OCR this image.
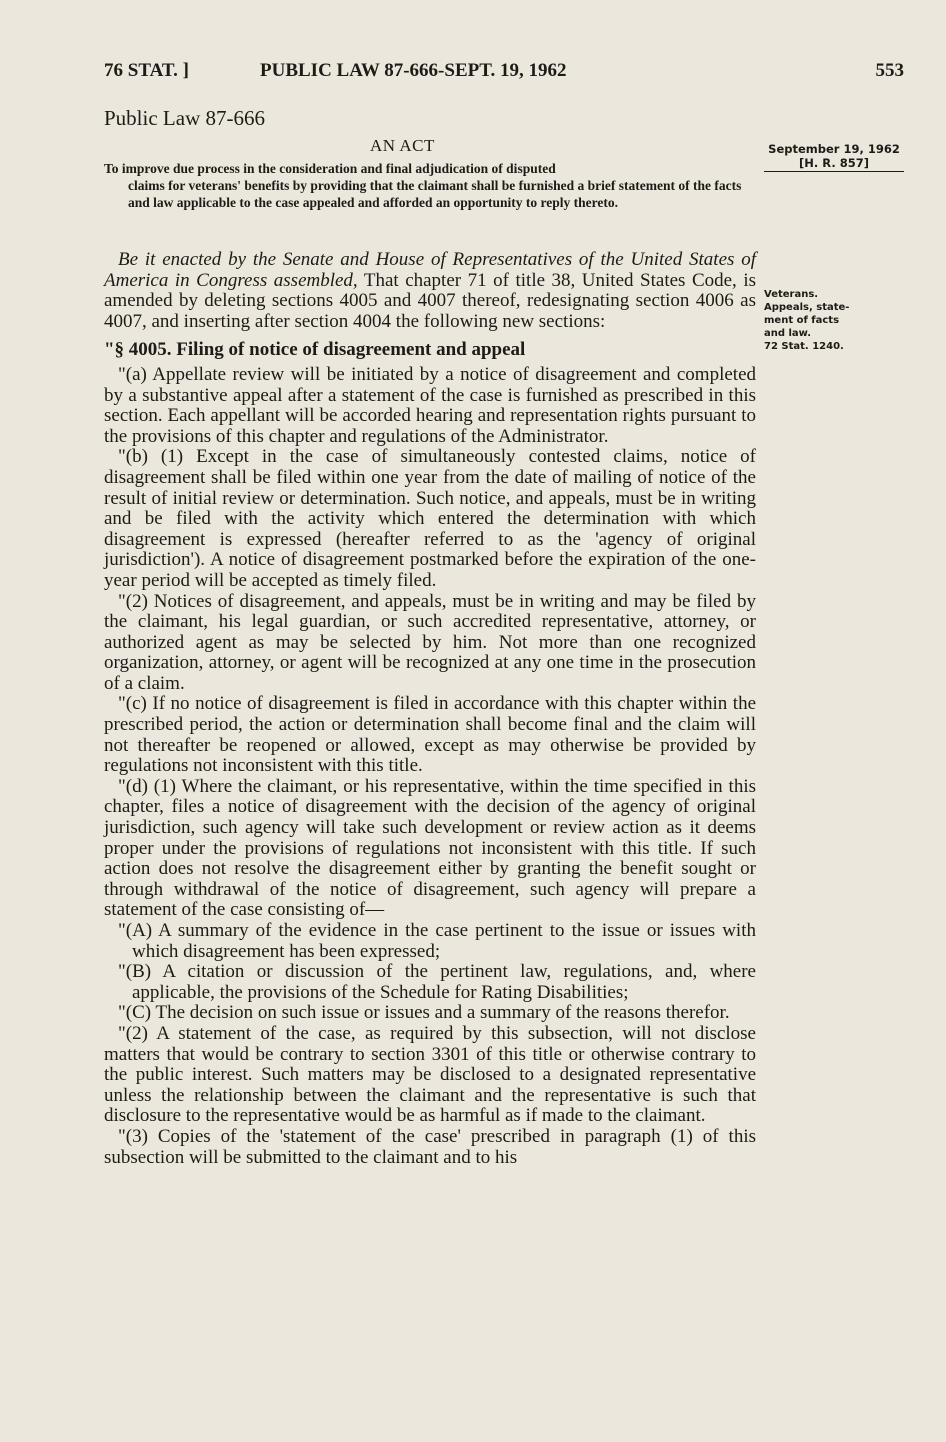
76 STAT. ]	PUBLIC LAW 87-666-SEPT. 19, 1962	553
Public Law 87-666
AN ACT
To improve due process in the consideration and final adjudication of disputed
claims for veterans' benefits by providing that the claimant shall be furnished a brief statement of the facts and law applicable to the case appealed and afforded an opportunity to reply thereto.
September 19, 1962

[H. R. 857]
Veterans.
Appeals, state-
ment of facts
and law.
72 Stat. 1240.

Be it enacted by the Senate and House of Representatives of the United States of America in Congress assembled, That chapter 71 of title 38, United States Code, is amended by deleting sections 4005 and 4007 thereof, redesignating section 4006 as 4007, and inserting after section 4004 the following new sections:

"§ 4005. Filing of notice of disagreement and appeal

"(a) Appellate review will be initiated by a notice of disagreement and completed by a substantive appeal after a statement of the case is furnished as prescribed in this section. Each appellant will be accorded hearing and representation rights pursuant to the provisions of this chapter and regulations of the Administrator.

"(b) (1) Except in the case of simultaneously contested claims, notice of disagreement shall be filed within one year from the date of mailing of notice of the result of initial review or determination. Such notice, and appeals, must be in writing and be filed with the activity which entered the determination with which disagreement is expressed (hereafter referred to as the 'agency of original jurisdiction'). A notice of disagreement postmarked before the expiration of the one-year period will be accepted as timely filed.

"(2) Notices of disagreement, and appeals, must be in writing and may be filed by the claimant, his legal guardian, or such accredited representative, attorney, or authorized agent as may be selected by him. Not more than one recognized organization, attorney, or agent will be recognized at any one time in the prosecution of a claim.

"(c) If no notice of disagreement is filed in accordance with this chapter within the prescribed period, the action or determination shall become final and the claim will not thereafter be reopened or allowed, except as may otherwise be provided by regulations not inconsistent with this title.

"(d) (1) Where the claimant, or his representative, within the time specified in this chapter, files a notice of disagreement with the decision of the agency of original jurisdiction, such agency will take such development or review action as it deems proper under the provisions of regulations not inconsistent with this title. If such action does not resolve the disagreement either by granting the benefit sought or through withdrawal of the notice of disagreement, such agency will prepare a statement of the case consisting of—

"(A) A summary of the evidence in the case pertinent to the issue or issues with which disagreement has been expressed;

"(B) A citation or discussion of the pertinent law, regulations, and, where applicable, the provisions of the Schedule for Rating Disabilities;

"(C) The decision on such issue or issues and a summary of the reasons therefor.

"(2) A statement of the case, as required by this subsection, will not disclose matters that would be contrary to section 3301 of this title or otherwise contrary to the public interest. Such matters may be disclosed to a designated representative unless the relationship between the claimant and the representative is such that disclosure to the representative would be as harmful as if made to the claimant.

"(3) Copies of the 'statement of the case' prescribed in paragraph (1) of this subsection will be submitted to the claimant and to his
